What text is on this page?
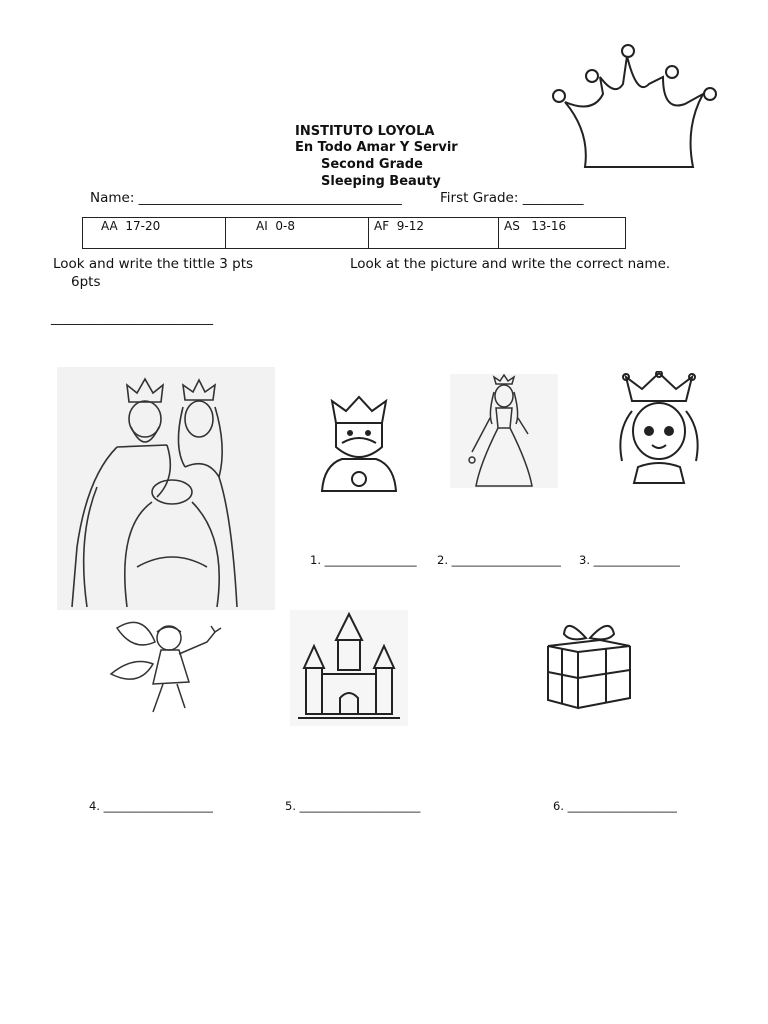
INSTITUTO LOYOLA
En Todo Amar Y Servir
Second Grade
Sleeping Beauty
Name: _______________________________________	First Grade: _________
AA 17-20	AI 0-8	AF 9-12	AS 13-16
Look and write the tittle 3 pts	Look at the picture and write the correct name.
6pts
________________________
1. ________________ 2. ___________________ 3. _______________
4. ___________________	5. _____________________	6. ___________________
